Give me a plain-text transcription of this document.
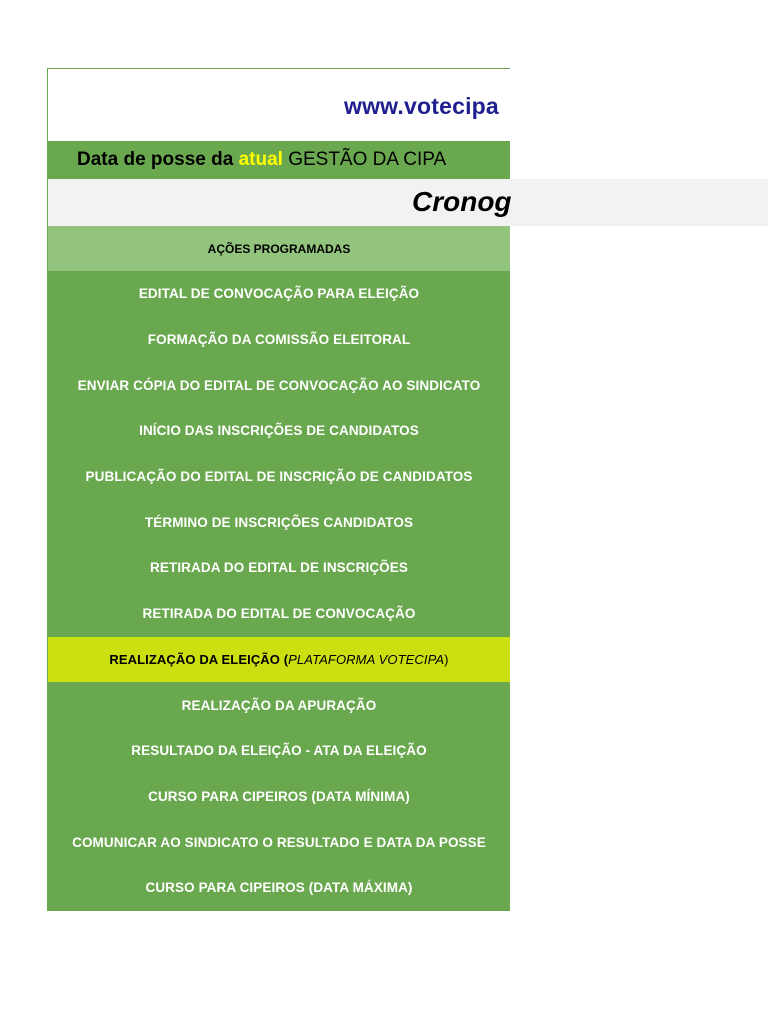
Cronog
www.votecipa
Data de posse da atual GESTÃO DA CIPA
AÇÕES PROGRAMADAS
EDITAL DE CONVOCAÇÃO PARA ELEIÇÃO
FORMAÇÃO DA COMISSÃO ELEITORAL
ENVIAR CÓPIA DO EDITAL DE CONVOCAÇÃO AO SINDICATO
INÍCIO DAS INSCRIÇÕES DE CANDIDATOS
PUBLICAÇÃO DO EDITAL DE INSCRIÇÃO DE CANDIDATOS
TÉRMINO DE INSCRIÇÕES CANDIDATOS
RETIRADA DO EDITAL DE INSCRIÇÕES
RETIRADA DO EDITAL DE CONVOCAÇÃO
REALIZAÇÃO DA ELEIÇÃO ( PLATAFORMA VOTECIPA )
REALIZAÇÃO DA APURAÇÃO
RESULTADO DA ELEIÇÃO - ATA DA ELEIÇÃO
CURSO PARA CIPEIROS (DATA MÍNIMA)
COMUNICAR AO SINDICATO O RESULTADO E DATA DA POSSE
CURSO PARA CIPEIROS (DATA MÁXIMA)
